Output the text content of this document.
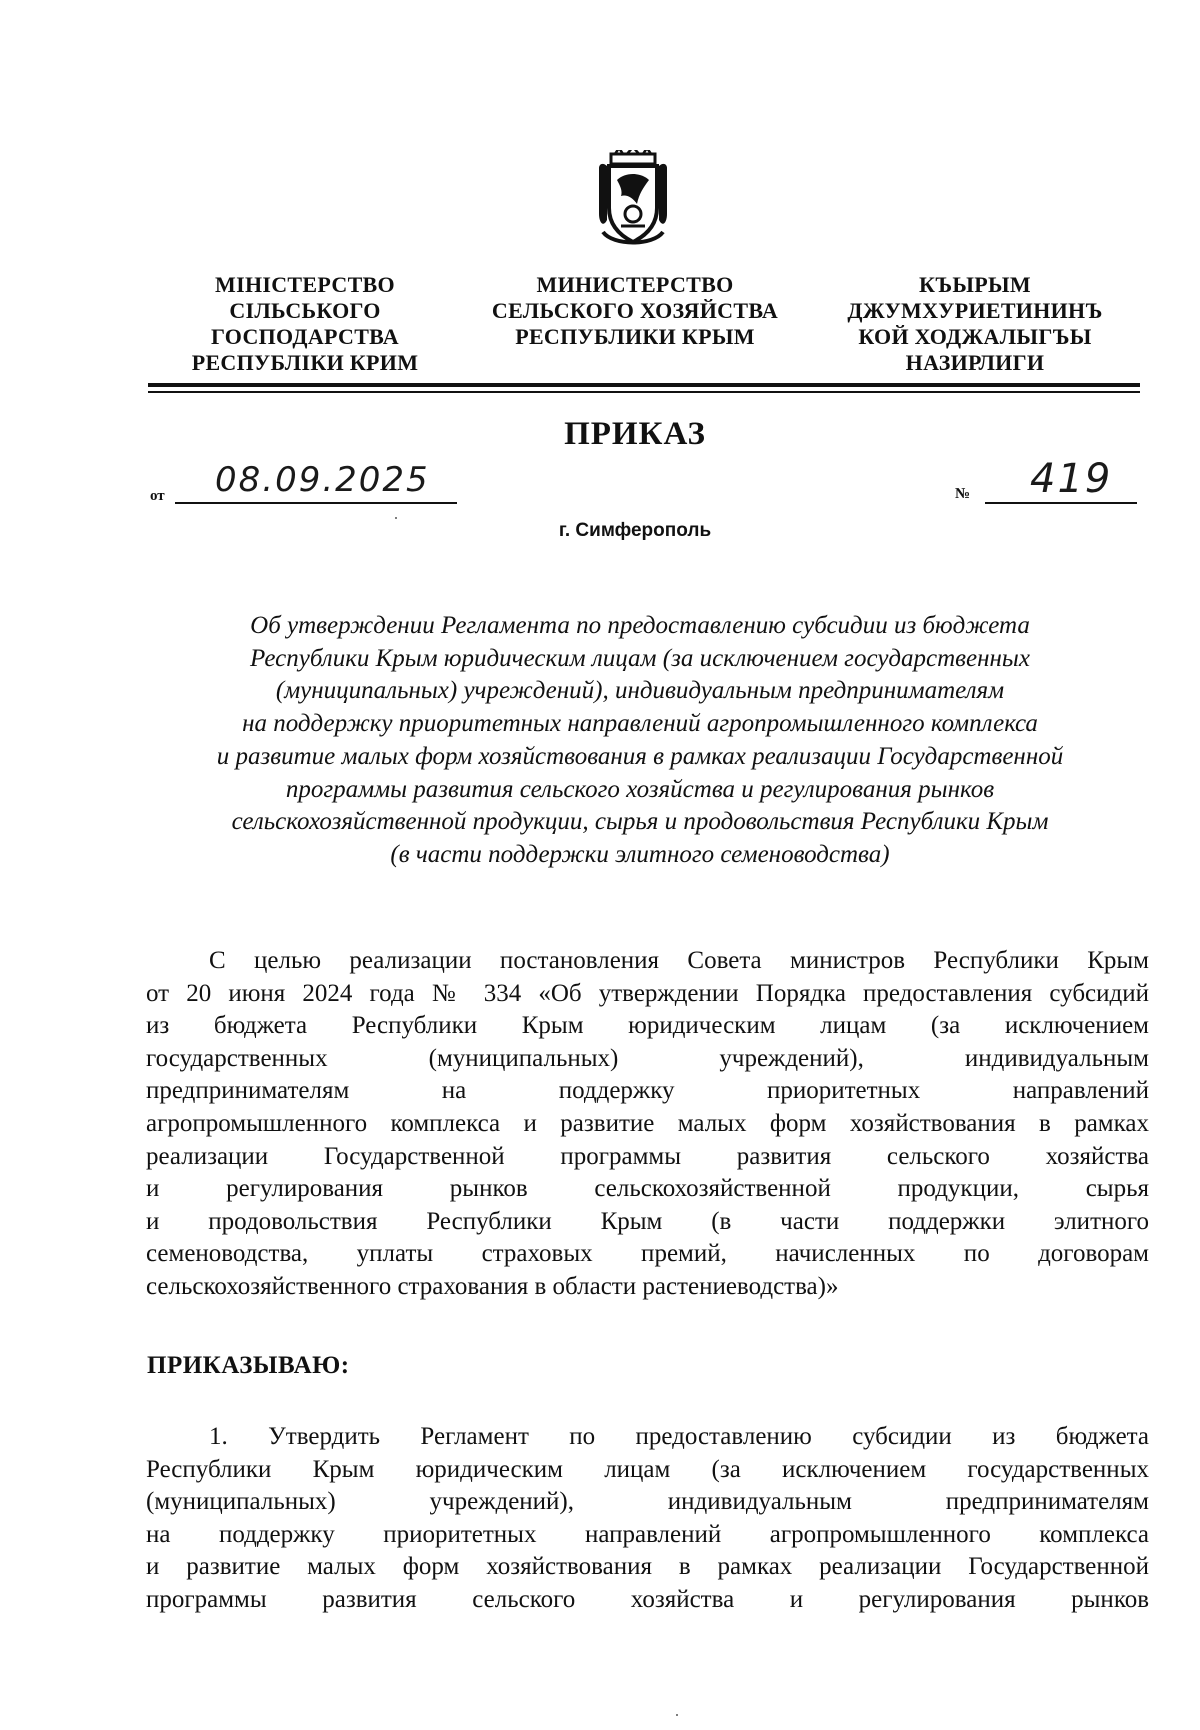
МІНІСТЕРСТВО
СІЛЬСЬКОГО
ГОСПОДАРСТВА
РЕСПУБЛІКИ КРИМ
МИНИСТЕРСТВО
СЕЛЬСКОГО ХОЗЯЙСТВА
РЕСПУБЛИКИ КРЫМ
КЪЫРЫМ
ДЖУМХУРИЕТИНИНЪ
КОЙ ХОДЖАЛЫГЪЫ
НАЗИРЛИГИ
ПРИКАЗ
от 08.09.2025	№ 419
г. Симферополь
Об утверждении Регламента по предоставлению субсидии из бюджета
Республики Крым юридическим лицам (за исключением государственных
(муниципальных) учреждений), индивидуальным предпринимателям
на поддержку приоритетных направлений агропромышленного комплекса
и развитие малых форм хозяйствования в рамках реализации Государственной
программы развития сельского хозяйства и регулирования рынков
сельскохозяйственной продукции, сырья и продовольствия Республики Крым
(в части поддержки элитного семеноводства)
С целью реализации постановления Совета министров Республики Крым
от 20 июня 2024 года № 334 «Об утверждении Порядка предоставления субсидий
из бюджета Республики Крым юридическим лицам (за исключением
государственных (муниципальных) учреждений), индивидуальным
предпринимателям на поддержку приоритетных направлений
агропромышленного комплекса и развитие малых форм хозяйствования в рамках
реализации Государственной программы развития сельского хозяйства
и регулирования рынков сельскохозяйственной продукции, сырья
и продовольствия Республики Крым (в части поддержки элитного
семеноводства, уплаты страховых премий, начисленных по договорам
сельскохозяйственного страхования в области растениеводства)»
ПРИКАЗЫВАЮ:
1. Утвердить Регламент по предоставлению субсидии из бюджета
Республики Крым юридическим лицам (за исключением государственных
(муниципальных) учреждений), индивидуальным предпринимателям
на поддержку приоритетных направлений агропромышленного комплекса
и развитие малых форм хозяйствования в рамках реализации Государственной
программы развития сельского хозяйства и регулирования рынков
